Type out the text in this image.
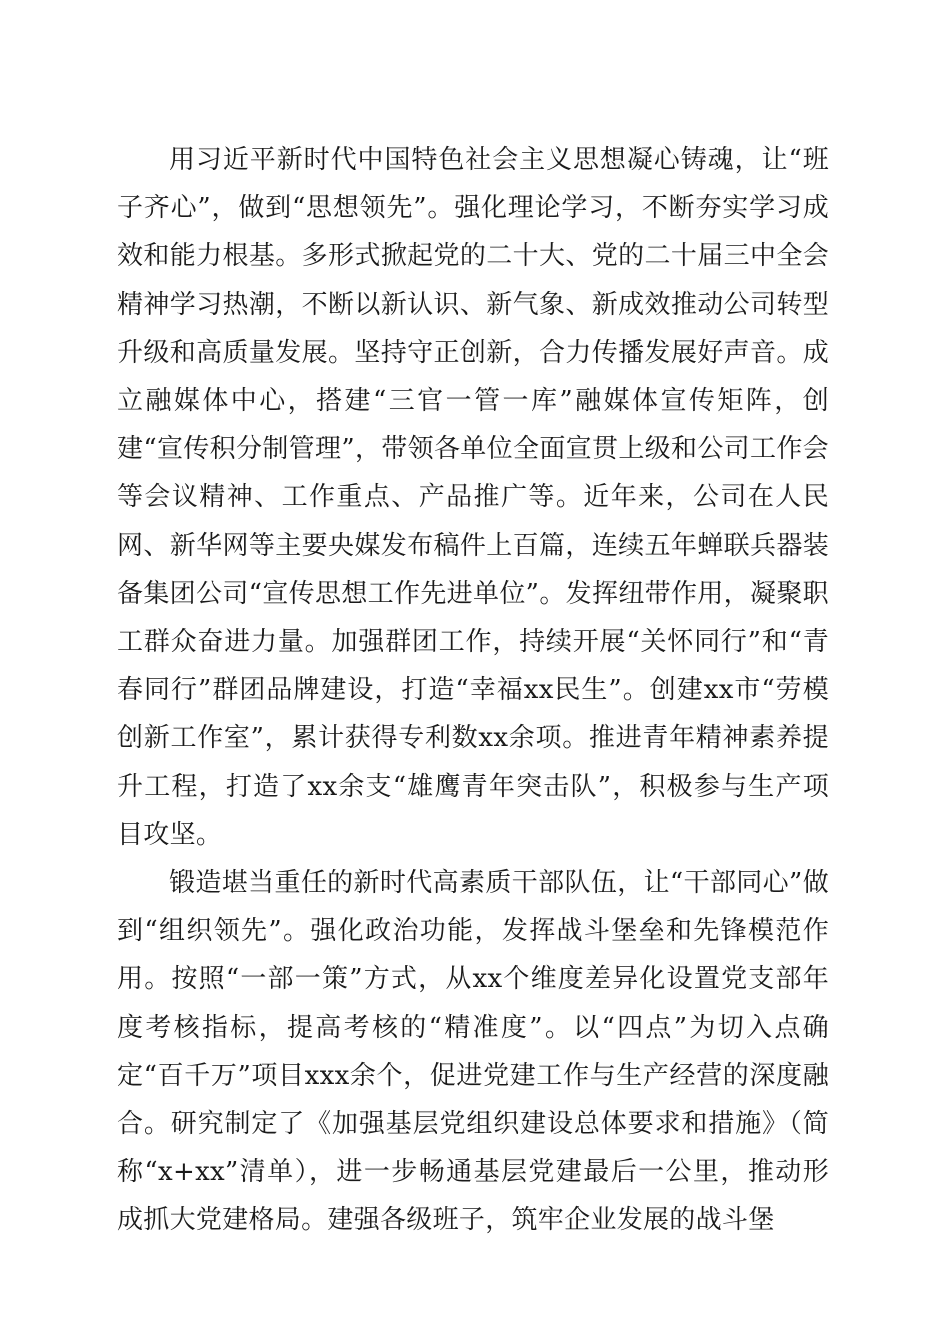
用习近平新时代中国特色社会主义思想凝心铸魂，让“班子齐心”，做到“思想领先”。强化理论学习，不断夯实学习成效和能力根基。多形式掀起党的二十大、党的二十届三中全会精神学习热潮，不断以新认识、新气象、新成效推动公司转型升级和高质量发展。坚持守正创新，合力传播发展好声音。成立融媒体中心，搭建“三官一管一库”融媒体宣传矩阵，创建“宣传积分制管理”，带领各单位全面宣贯上级和公司工作会等会议精神、工作重点、产品推广等。近年来，公司在人民网、新华网等主要央媒发布稿件上百篇，连续五年蝉联兵器装备集团公司“宣传思想工作先进单位”。发挥纽带作用，凝聚职工群众奋进力量。加强群团工作，持续开展“关怀同行”和“青春同行”群团品牌建设，打造“幸福xx民生”。创建xx市“劳模创新工作室”，累计获得专利数xx余项。推进青年精神素养提升工程，打造了xx余支“雄鹰青年突击队”，积极参与生产项目攻坚。

锻造堪当重任的新时代高素质干部队伍，让“干部同心”做到“组织领先”。强化政治功能，发挥战斗堡垒和先锋模范作用。按照“一部一策”方式，从xx个维度差异化设置党支部年度考核指标，提高考核的“精准度”。以“四点”为切入点确定“百千万”项目xxx余个，促进党建工作与生产经营的深度融合。研究制定了《加强基层党组织建设总体要求和措施》（简称“x+xx”清单），进一步畅通基层党建最后一公里，推动形成抓大党建格局。建强各级班子，筑牢企业发展的战斗堡
